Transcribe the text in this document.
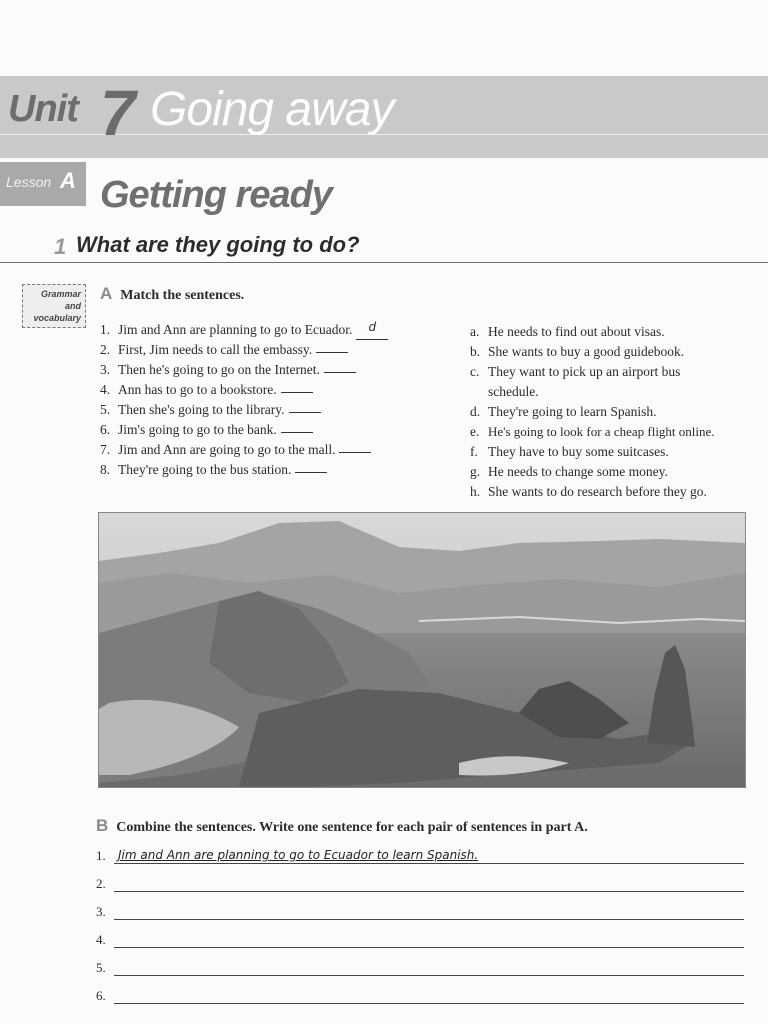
Unit 7 Going away
Lesson A Getting ready
1 What are they going to do?
Grammar
and
vocabulary
A Match the sentences.
1. Jim and Ann are planning to go to Ecuador.	d
2. First, Jim needs to call the embassy.
3. Then he's going to go on the Internet.
4. Ann has to go to a bookstore.
5. Then she's going to the library.
6. Jim's going to go to the bank.
7. Jim and Ann are going to go to the mall.
8. They're going to the bus station.
a. He needs to find out about visas.
b. She wants to buy a good guidebook.
c. They want to pick up an airport bus schedule.
d. They're going to learn Spanish.
e. He's going to look for a cheap flight online.
f. They have to buy some suitcases.
g. He needs to change some money.
h. She wants to do research before they go.
B Combine the sentences. Write one sentence for each pair of sentences in part A.
1. Jim and Ann are planning to go to Ecuador to learn Spanish.
2.
3.
4.
5.
6.
